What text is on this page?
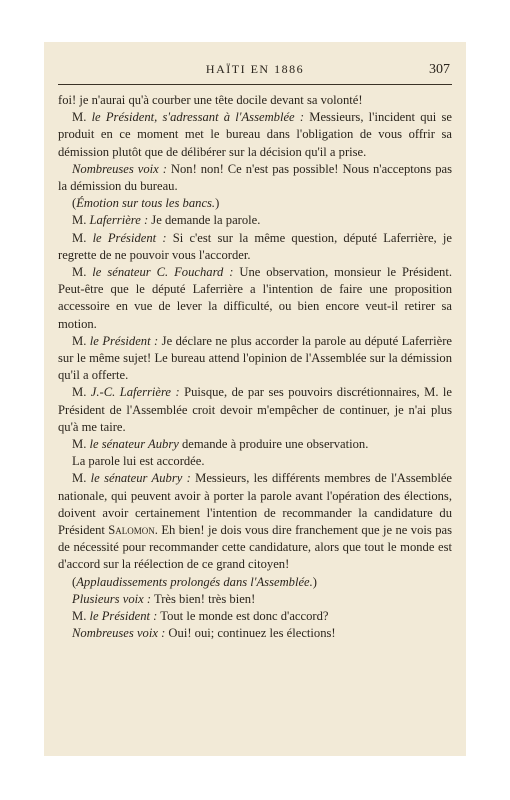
HAÏTI EN 1886	307

foi! je n'aurai qu'à courber une tête docile devant sa volonté!

M. le Président, s'adressant à l'Assemblée : Messieurs, l'incident qui se produit en ce moment met le bureau dans l'obligation de vous offrir sa démission plutôt que de délibérer sur la décision qu'il a prise.

Nombreuses voix : Non! non! Ce n'est pas possible! Nous n'acceptons pas la démission du bureau.

(Émotion sur tous les bancs.)

M. Laferrière : Je demande la parole.

M. le Président : Si c'est sur la même question, député Laferrière, je regrette de ne pouvoir vous l'accorder.

M. le sénateur C. Fouchard : Une observation, monsieur le Président. Peut-être que le député Laferrière a l'intention de faire une proposition accessoire en vue de lever la difficulté, ou bien encore veut-il retirer sa motion.

M. le Président : Je déclare ne plus accorder la parole au député Laferrière sur le même sujet! Le bureau attend l'opinion de l'Assemblée sur la démission qu'il a offerte.

M. J.-C. Laferrière : Puisque, de par ses pouvoirs discrétionnaires, M. le Président de l'Assemblée croit devoir m'empêcher de continuer, je n'ai plus qu'à me taire.

M. le sénateur Aubry demande à produire une observation.

La parole lui est accordée.

M. le sénateur Aubry : Messieurs, les différents membres de l'Assemblée nationale, qui peuvent avoir à porter la parole avant l'opération des élections, doivent avoir certainement l'intention de recommander la candidature du Président Salomon. Eh bien! je dois vous dire franchement que je ne vois pas de nécessité pour recommander cette candidature, alors que tout le monde est d'accord sur la réélection de ce grand citoyen!

(Applaudissements prolongés dans l'Assemblée.)

Plusieurs voix : Très bien! très bien!

M. le Président : Tout le monde est donc d'accord?

Nombreuses voix : Oui! oui; continuez les élections!
